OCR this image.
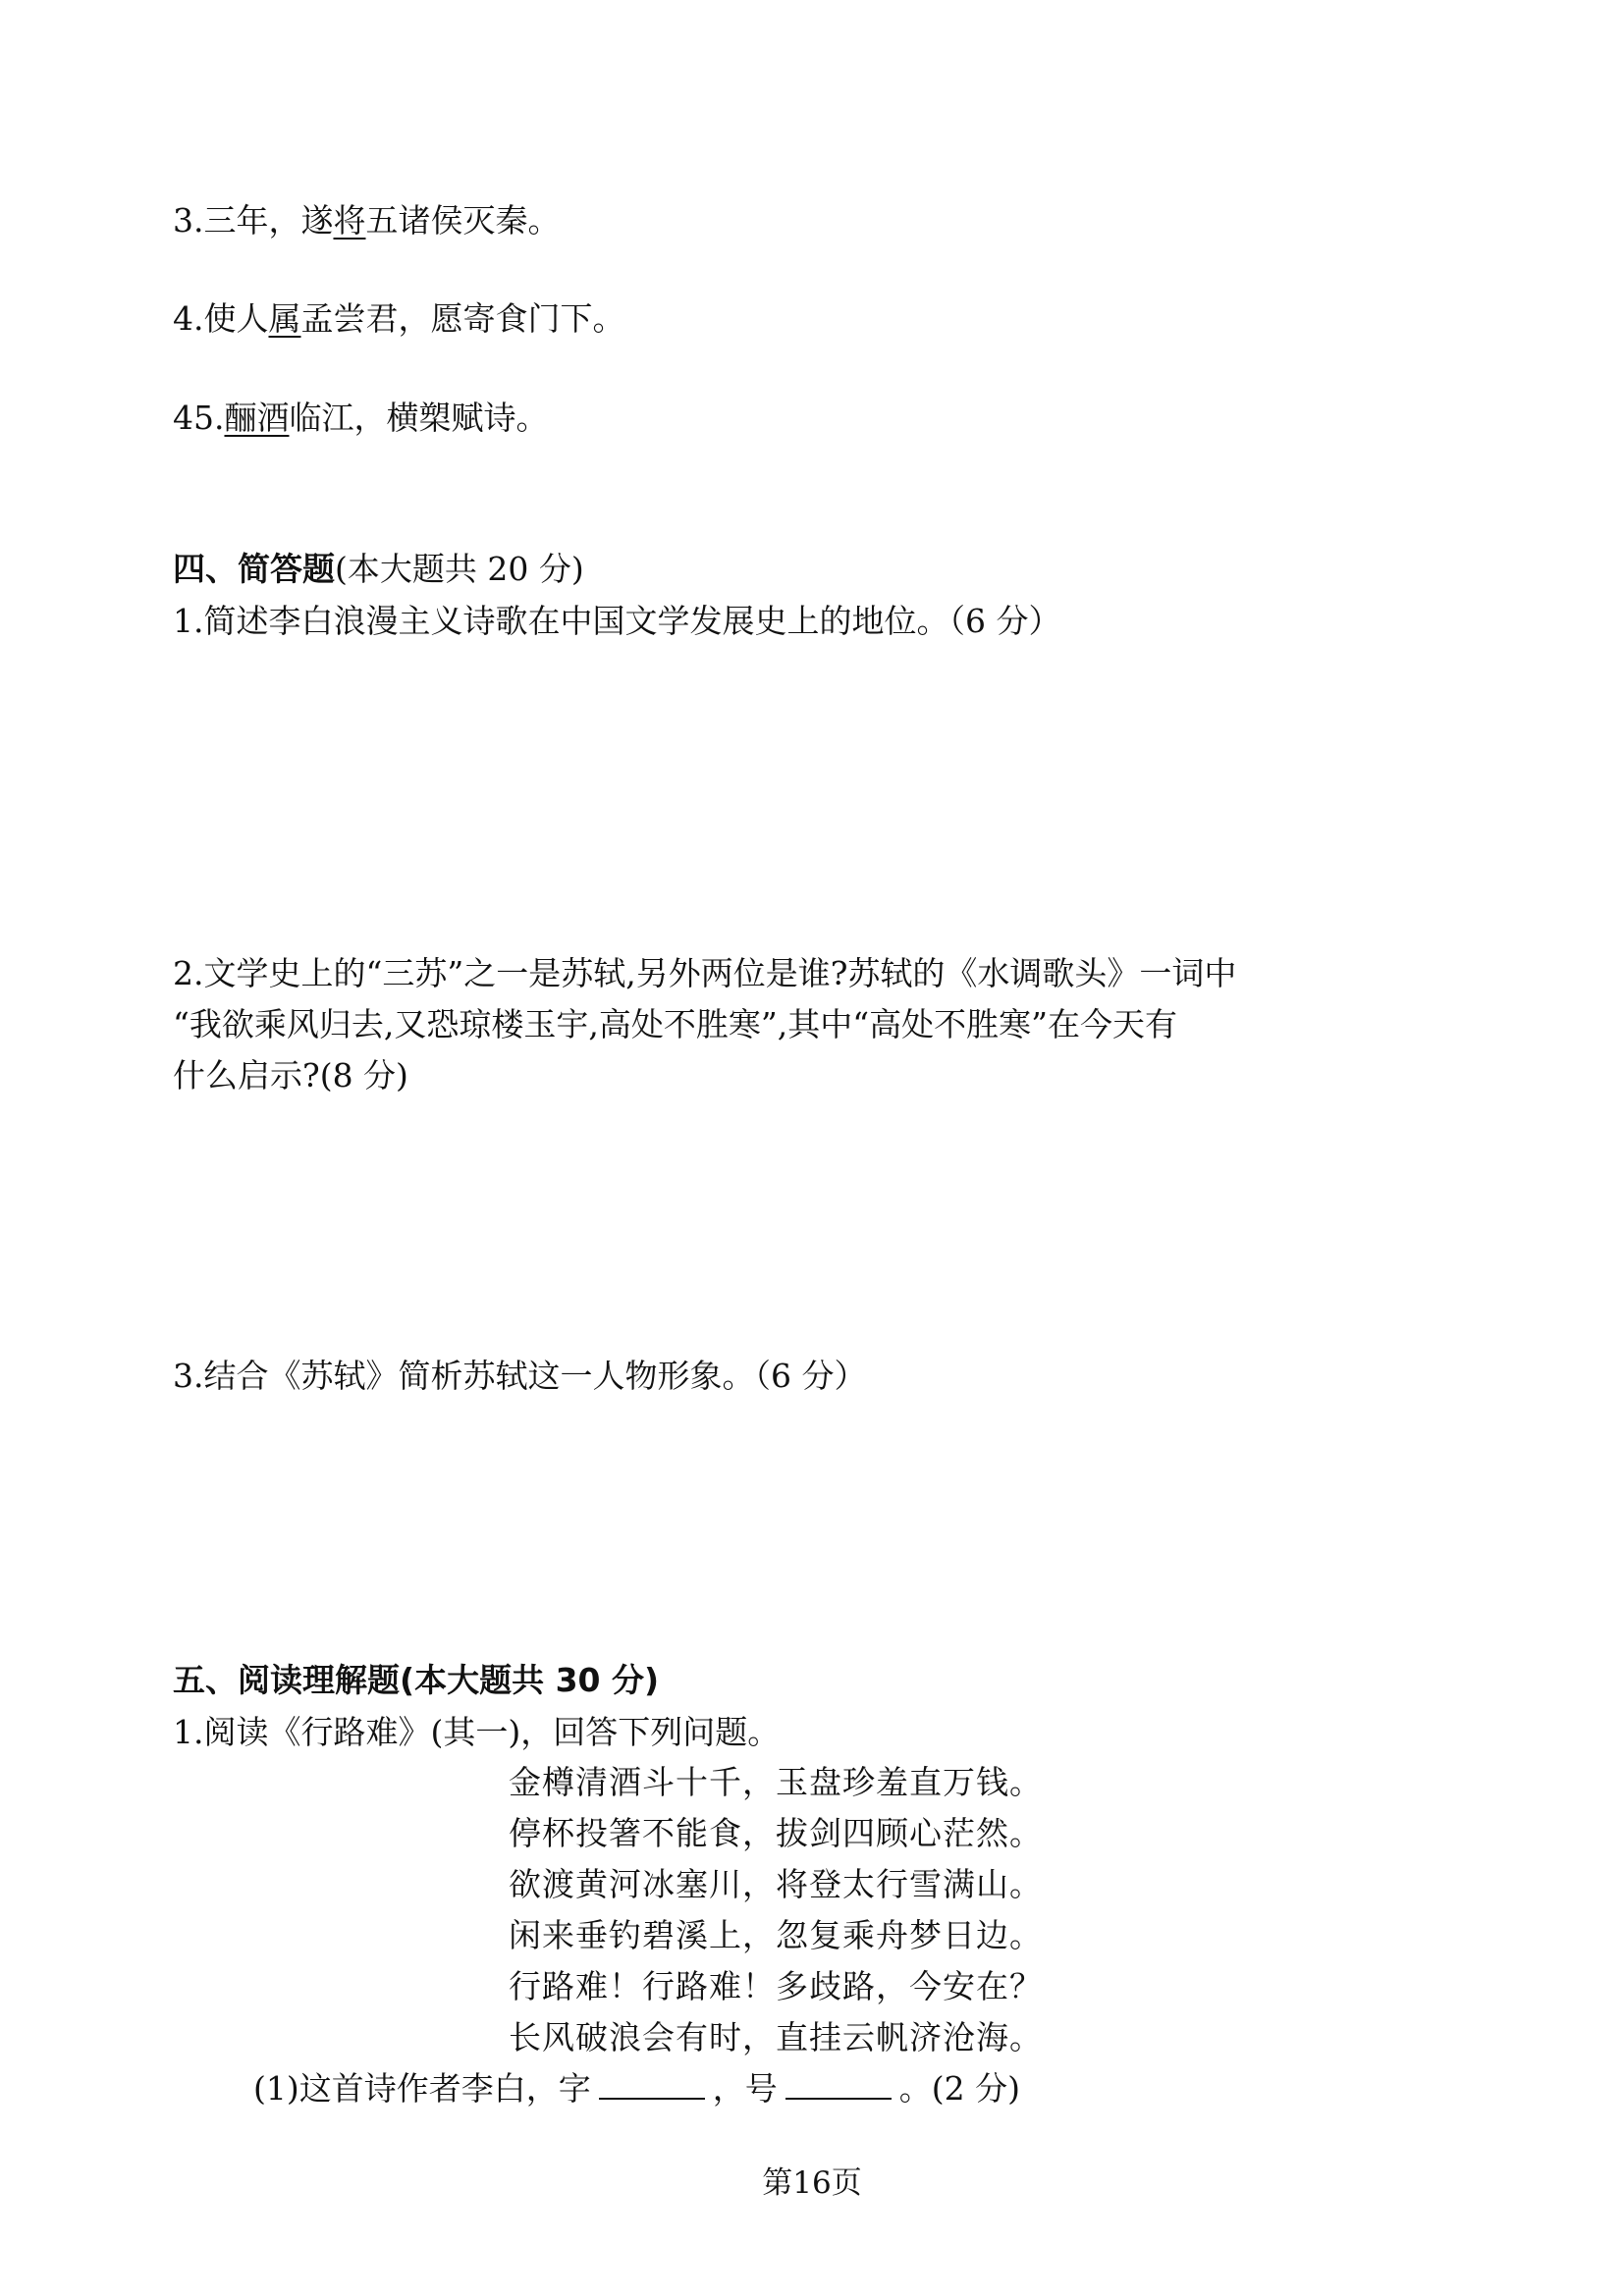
3.三年，遂将五诸侯灭秦。
4.使人属孟尝君，愿寄食门下。
45.酾酒临江，横槊赋诗。
四、简答题(本大题共 20 分)
1.简述李白浪漫主义诗歌在中国文学发展史上的地位。（6 分）
2.文学史上的“三苏”之一是苏轼,另外两位是谁?苏轼的《水调歌头》一词中
“我欲乘风归去,又恐琼楼玉宇,高处不胜寒”,其中“高处不胜寒”在今天有
什么启示?(8 分)
3.结合《苏轼》简析苏轼这一人物形象。（6 分）
五、阅读理解题(本大题共 30 分)
1.阅读《行路难》(其一)，回答下列问题。
金樽清酒斗十千，玉盘珍羞直万钱。
停杯投箸不能食，拔剑四顾心茫然。
欲渡黄河冰塞川，将登太行雪满山。
闲来垂钓碧溪上，忽复乘舟梦日边。
行路难！行路难！多歧路，今安在？
长风破浪会有时，直挂云帆济沧海。
(1)这首诗作者李白，字	，号	。(2 分)
第16页
